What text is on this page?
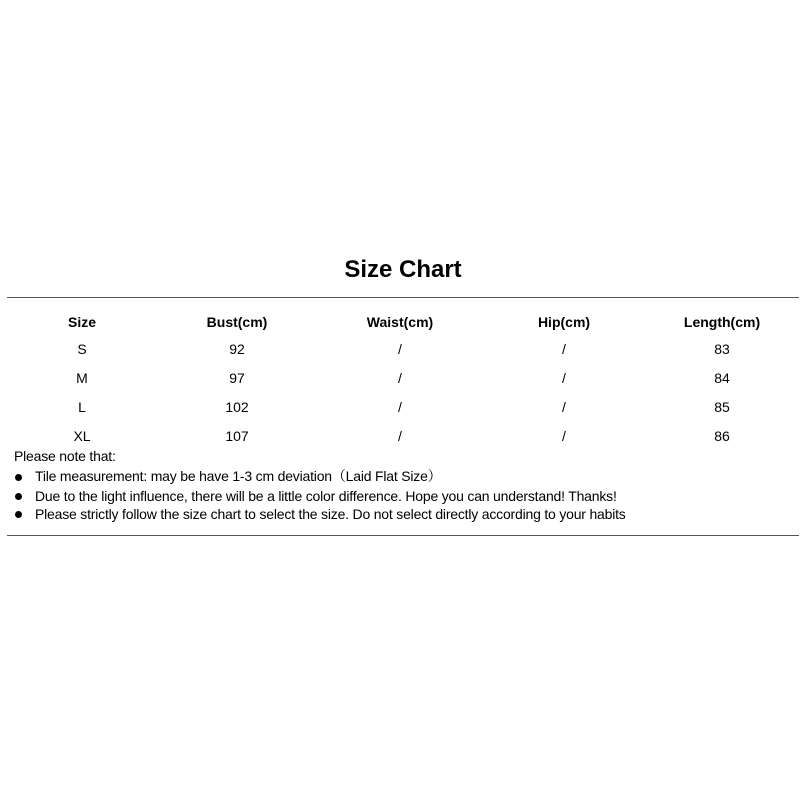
Size Chart
Size	Bust(cm)	Waist(cm)	Hip(cm)	Length(cm)
S	92	/	/	83
M	97	/	/	84
L	102	/	/	85
XL	107	/	/	86
Please note that:
Tile measurement: may be have 1-3 cm deviation（Laid Flat Size）
Due to the light influence, there will be a little color difference. Hope you can understand! Thanks!
Please strictly follow the size chart to select the size. Do not select directly according to your habits
